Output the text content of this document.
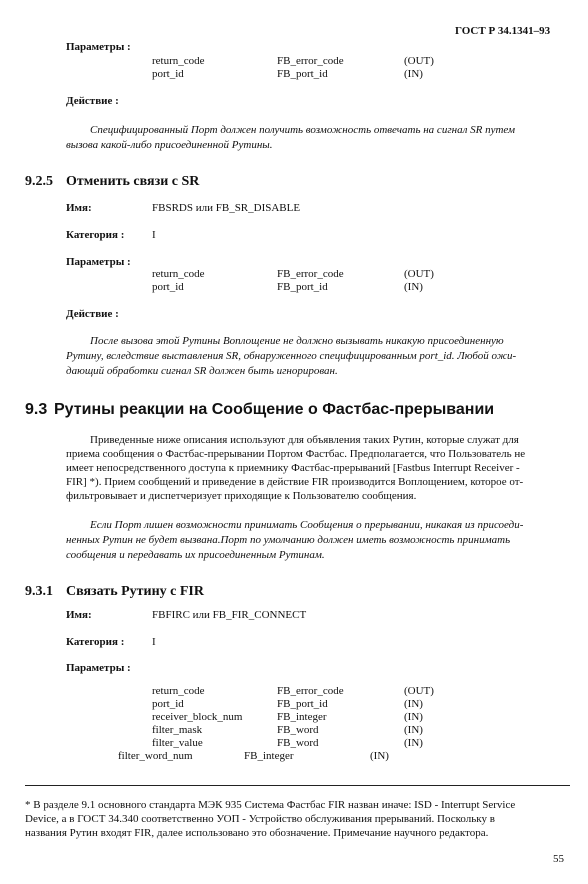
ГОСТ Р 34.1341–93
Параметры :
return_code	FB_error_code	(OUT)
port_id	FB_port_id	(IN)
Действие :
Специфицированный Порт должен получить возможность отвечать на сигнал SR путем
вызова какой-либо присоединенной Рутины.
9.2.5 Отменить связи с SR
Имя:	FBSRDS или FB_SR_DISABLE
Категория :	I
Параметры :
return_code	FB_error_code	(OUT)
port_id	FB_port_id	(IN)
Действие :
После вызова этой Рутины Воплощение не должно вызывать никакую присоединенную
Рутину, вследствие выставления SR, обнаруженного специфицированным port_id. Любой ожи-
дающий обработки сигнал SR должен быть игнорирован.
9.3 Рутины реакции на Сообщение о Фастбас-прерывании
Приведенные ниже описания используют для объявления таких Рутин, которые служат для
приема сообщения о Фастбас-прерывании Портом Фастбас. Предполагается, что Пользователь не
имеет непосредственного доступа к приемнику Фастбас-прерываний [Fastbus Interrupt Receiver -
FIR] *). Прием сообщений и приведение в действие FIR производится Воплощением, которое от-
фильтровывает и диспетчеризует приходящие к Пользователю сообщения.
Если Порт лишен возможности принимать Сообщения о прерывании, никакая из присоеди-
ненных Рутин не будет вызвана.Порт по умолчанию должен иметь возможность принимать
сообщения и передавать их присоединенным Рутинам.
9.3.1 Связать Рутину с FIR
Имя:	FBFIRC или FB_FIR_CONNECT
Категория :	I
Параметры :
return_code	FB_error_code	(OUT)
port_id	FB_port_id	(IN)
receiver_block_num	FB_integer	(IN)
filter_mask	FB_word	(IN)
filter_value	FB_word	(IN)
filter_word_num	FB_integer	(IN)
* В разделе 9.1 основного стандарта МЭК 935 Система Фастбас FIR назван иначе: ISD - Interrupt Service
Device, а в ГОСТ 34.340 соответственно УОП - Устройство обслуживания прерываний. Поскольку в
названия Рутин входят FIR, далее использовано это обозначение. Примечание научного редактора.
55
